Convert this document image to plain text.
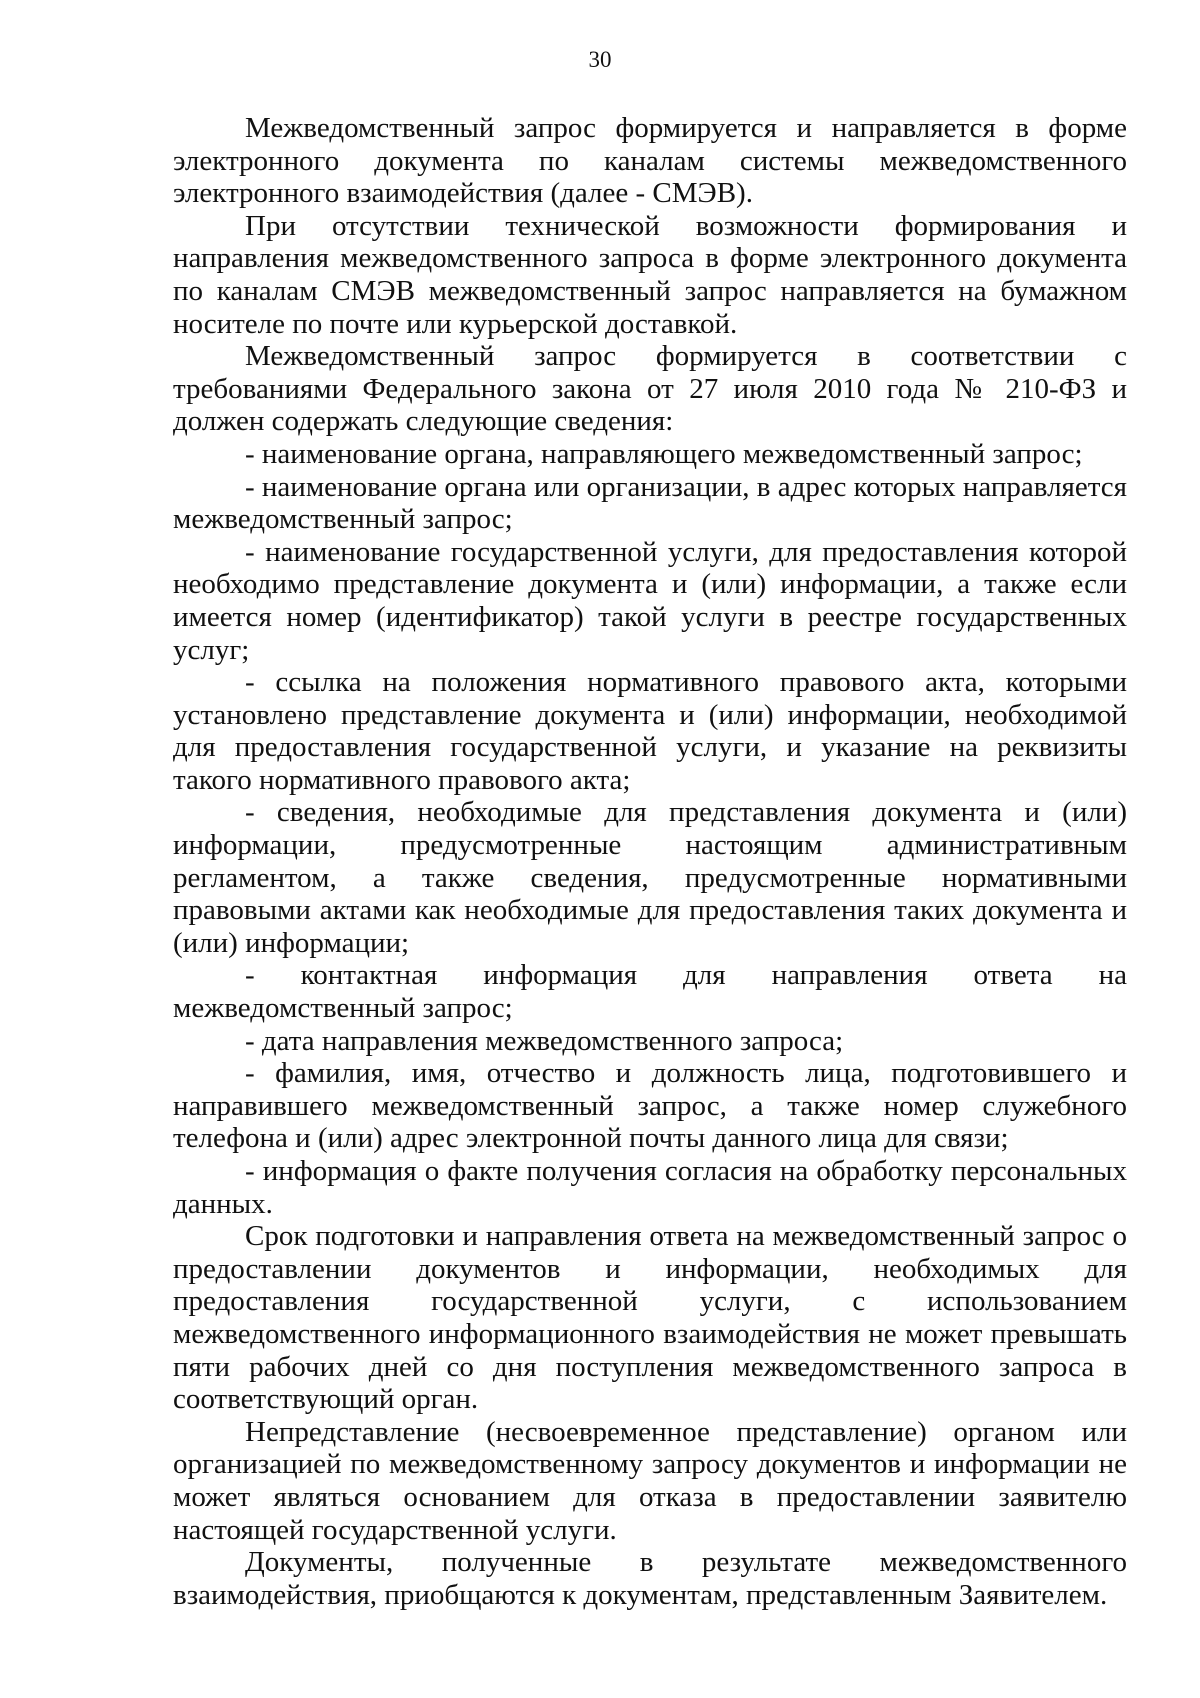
30

Межведомственный запрос формируется и направляется в форме электронного документа по каналам системы межведомственного электронного взаимодействия (далее - СМЭВ).

При отсутствии технической возможности формирования и направления межведомственного запроса в форме электронного документа по каналам СМЭВ межведомственный запрос направляется на бумажном носителе по почте или курьерской доставкой.

Межведомственный запрос формируется в соответствии с требованиями Федерального закона от 27 июля 2010 года № 210-ФЗ и должен содержать следующие сведения:

- наименование органа, направляющего межведомственный запрос;

- наименование органа или организации, в адрес которых направляется межведомственный запрос;

- наименование государственной услуги, для предоставления которой необходимо представление документа и (или) информации, а также если имеется номер (идентификатор) такой услуги в реестре государственных услуг;

- ссылка на положения нормативного правового акта, которыми установлено представление документа и (или) информации, необходимой для предоставления государственной услуги, и указание на реквизиты такого нормативного правового акта;

- сведения, необходимые для представления документа и (или) информации, предусмотренные настоящим административным регламентом, а также сведения, предусмотренные нормативными правовыми актами как необходимые для предоставления таких документа и (или) информации;

- контактная информация для направления ответа на межведомственный запрос;

- дата направления межведомственного запроса;

- фамилия, имя, отчество и должность лица, подготовившего и направившего межведомственный запрос, а также номер служебного телефона и (или) адрес электронной почты данного лица для связи;

- информация о факте получения согласия на обработку персональных данных.

Срок подготовки и направления ответа на межведомственный запрос о предоставлении документов и информации, необходимых для предоставления государственной услуги, с использованием межведомственного информационного взаимодействия не может превышать пяти рабочих дней со дня поступления межведомственного запроса в соответствующий орган.

Непредставление (несвоевременное представление) органом или организацией по межведомственному запросу документов и информации не может являться основанием для отказа в предоставлении заявителю настоящей государственной услуги.

Документы, полученные в результате межведомственного взаимодействия, приобщаются к документам, представленным Заявителем.
